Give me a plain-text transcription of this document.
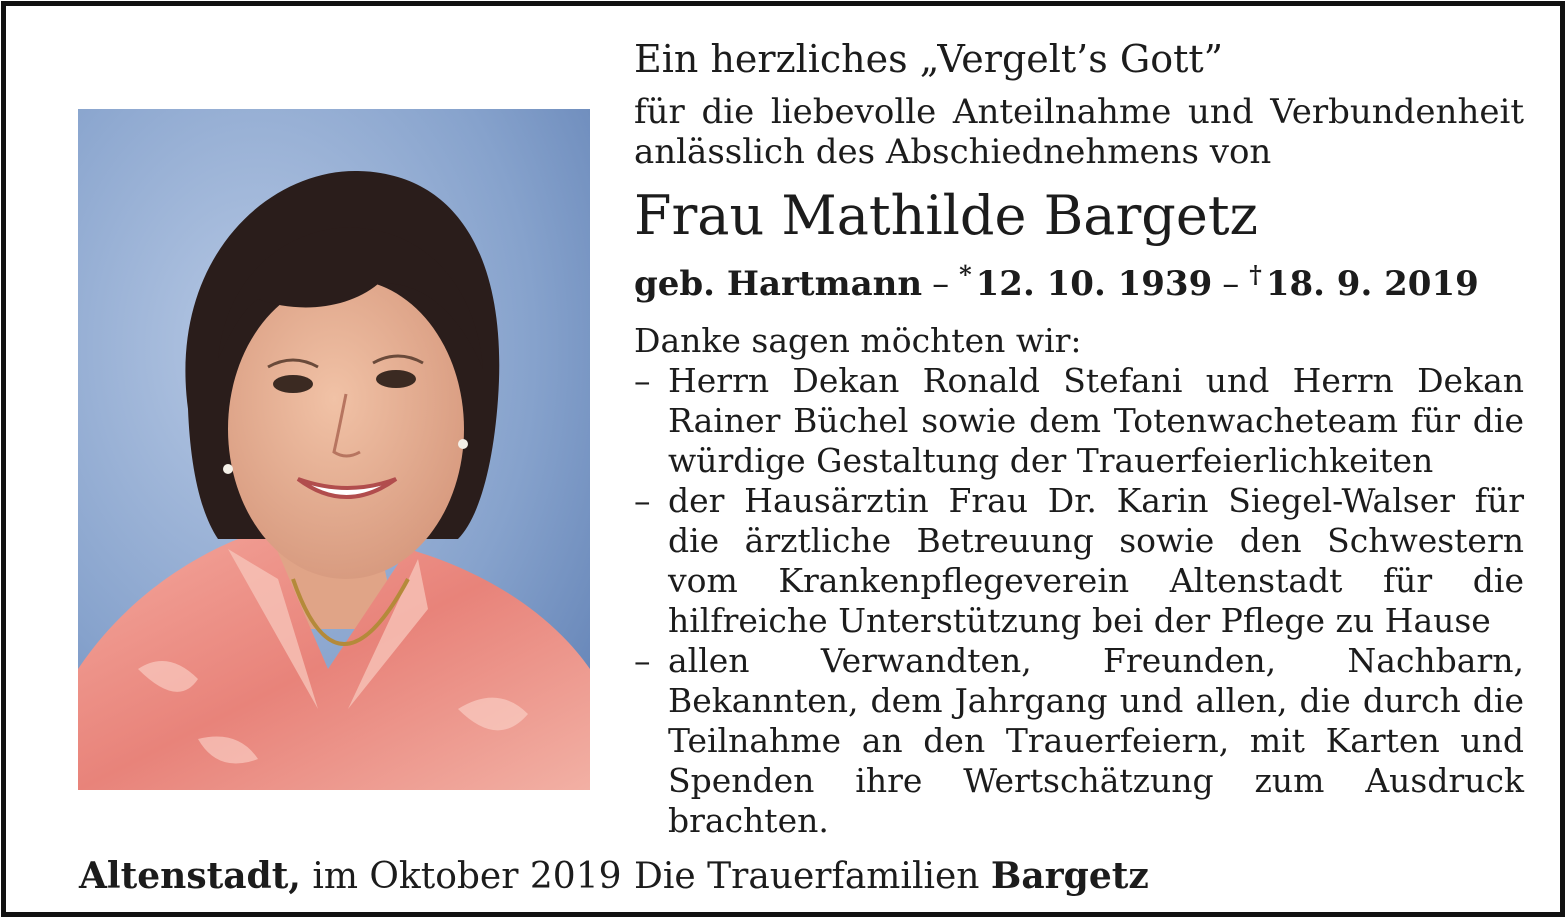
Ein herzliches „Vergelt’s Gott”
für die liebevolle Anteilnahme und Verbundenheit anlässlich des Abschiednehmens von
Frau Mathilde Bargetz
geb. Hartmann – * 12. 10. 1939 – † 18. 9. 2019
Danke sagen möchten wir:
– Herrn Dekan Ronald Stefani und Herrn Dekan Rainer Büchel sowie dem Totenwacheteam für die würdige Gestaltung der Trauerfeierlichkeiten
– der Hausärztin Frau Dr. Karin Siegel-Walser für die ärztliche Betreuung sowie den Schwestern vom Krankenpflegeverein Altenstadt für die hilfreiche Unterstützung bei der Pflege zu Hause
– allen Verwandten, Freunden, Nachbarn, Bekannten, dem Jahrgang und allen, die durch die Teilnahme an den Trauerfeiern, mit Karten und Spenden ihre Wertschätzung zum Ausdruck brachten.
Altenstadt, im Oktober 2019 Die Trauerfamilien Bargetz
